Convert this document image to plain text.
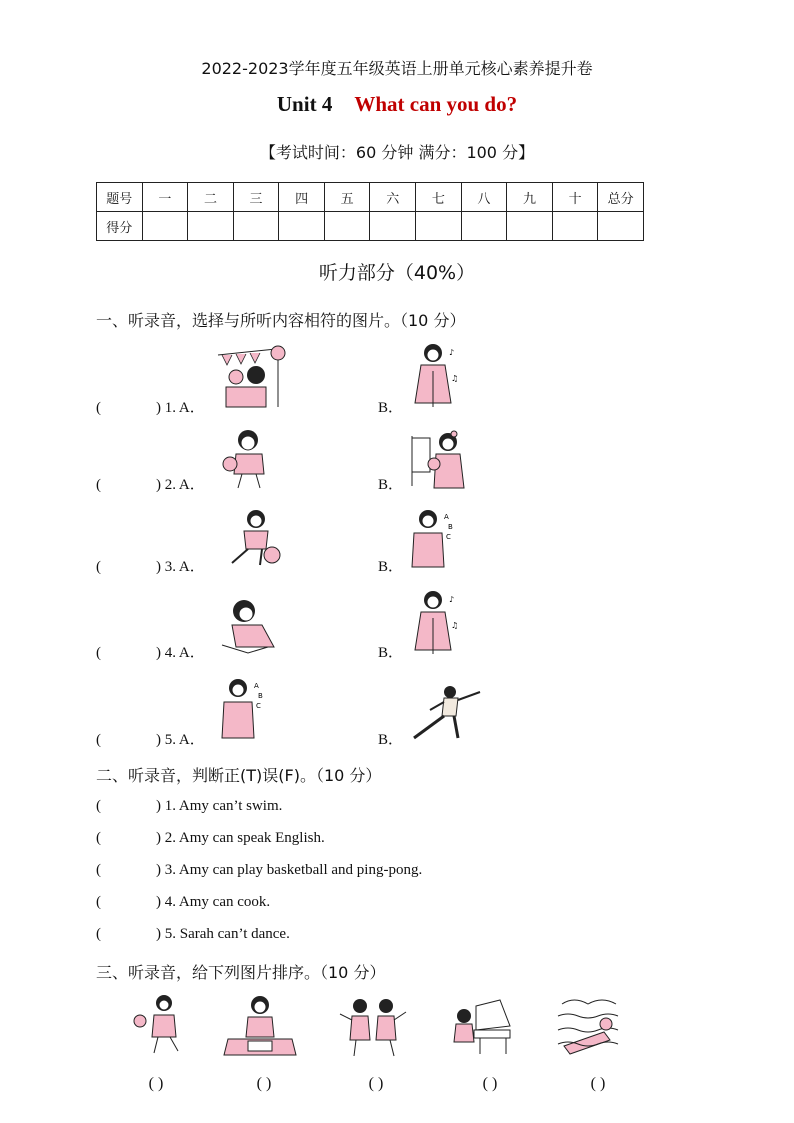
2022-2023学年度五年级英语上册单元核心素养提升卷
Unit 4 What can you do?
【考试时间：60 分钟 满分：100 分】
题号	一	二	三	四	五	六	七	八	九	十	总分
得分											
听力部分（40%）
一、听录音，选择与所听内容相符的图片。（10 分）
(	) 1. A．	B．
♪
♫
(	) 2. A．	B．
(	) 3. A．	B．
A
B
C
(	) 4. A．	B．
♪
♫
(	) 5. A．	B．
A
B
C
二、听录音，判断正(T)误(F)。（10 分）
(	) 1. Amy can’t swim.
(	) 2. Amy can speak English.
(	) 3. Amy can play basketball and ping-pong.
(	) 4. Amy can cook.
(	) 5. Sarah can’t dance.
三、听录音，给下列图片排序。（10 分）
( )	( )	( )	( )	( )
